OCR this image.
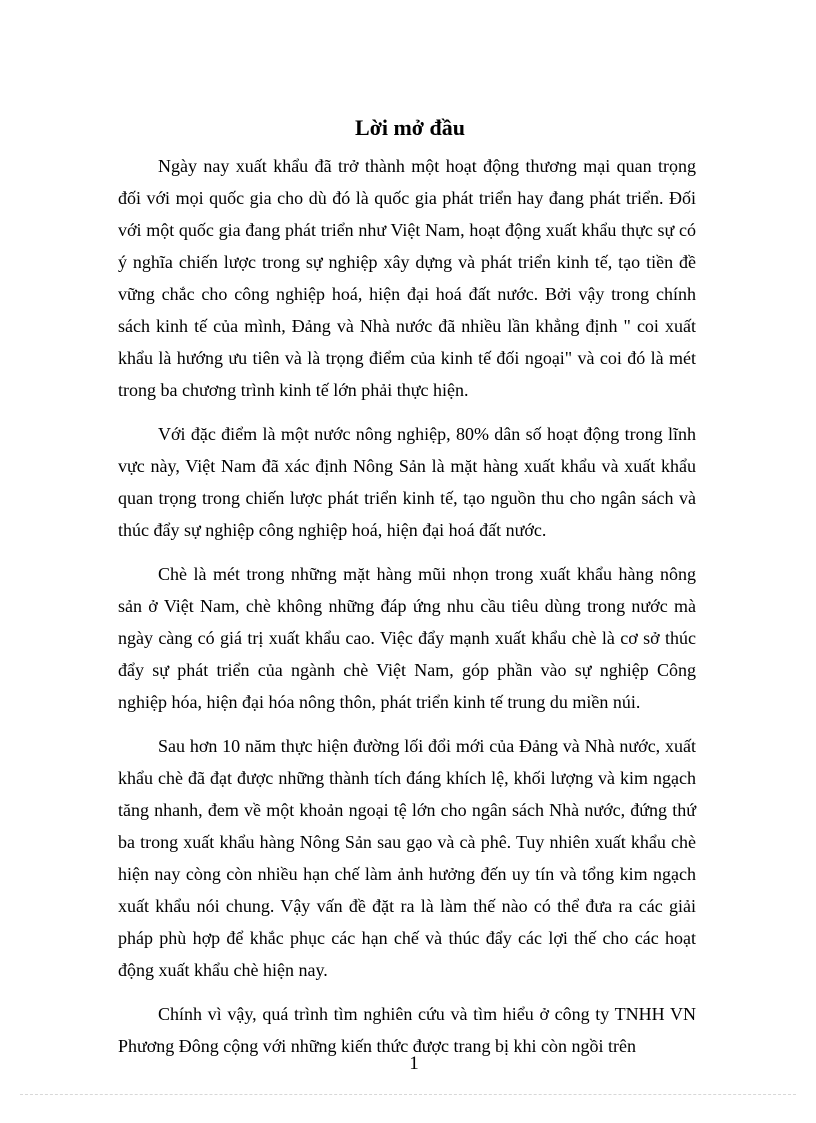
Lời mở đầu

Ngày nay xuất khẩu đã trở thành một hoạt động thương mại quan trọng đối với mọi quốc gia cho dù đó là quốc gia phát triển hay đang phát triển. Đối với một quốc gia đang phát triển như Việt Nam, hoạt động xuất khẩu thực sự có ý nghĩa chiến lược trong sự nghiệp xây dựng và phát triển kinh tế, tạo tiền đề vững chắc cho công nghiệp hoá, hiện đại hoá đất nước. Bởi vậy trong chính sách kinh tế của mình, Đảng và Nhà nước đã nhiều lần khẳng định " coi xuất khẩu là hướng ưu tiên và là trọng điểm của kinh tế đối ngoại" và coi đó là mét trong ba chương trình kinh tế lớn phải thực hiện.

Với đặc điểm là một nước nông nghiệp, 80% dân số hoạt động trong lĩnh vực này, Việt Nam đã xác định Nông Sản là mặt hàng xuất khẩu và xuất khẩu quan trọng trong chiến lược phát triển kinh tế, tạo nguồn thu cho ngân sách và thúc đẩy sự nghiệp công nghiệp hoá, hiện đại hoá đất nước.

Chè là mét trong những mặt hàng mũi nhọn trong xuất khẩu hàng nông sản ở Việt Nam, chè không những đáp ứng nhu cầu tiêu dùng trong nước mà ngày càng có giá trị xuất khẩu cao. Việc đẩy mạnh xuất khẩu chè là cơ sở thúc đẩy sự phát triển của ngành chè Việt Nam, góp phần vào sự nghiệp Công nghiệp hóa, hiện đại hóa nông thôn, phát triển kinh tế trung du miền núi.

Sau hơn 10 năm thực hiện đường lối đổi mới của Đảng và Nhà nước, xuất khẩu chè đã đạt được những thành tích đáng khích lệ, khối lượng và kim ngạch tăng nhanh, đem về một khoản ngoại tệ lớn cho ngân sách Nhà nước, đứng thứ ba trong xuất khẩu hàng Nông Sản sau gạo và cà phê. Tuy nhiên xuất khẩu chè hiện nay còng còn nhiều hạn chế làm ảnh hưởng đến uy tín và tổng kim ngạch xuất khẩu nói chung. Vậy vấn đề đặt ra là làm thế nào có thể đưa ra các giải pháp phù hợp để khắc phục các hạn chế và thúc đẩy các lợi thế cho các hoạt động xuất khẩu chè hiện nay.

Chính vì vậy, quá trình tìm nghiên cứu và tìm hiểu ở công ty TNHH VN Phương Đông cộng với những kiến thức được trang bị khi còn ngồi trên

1
